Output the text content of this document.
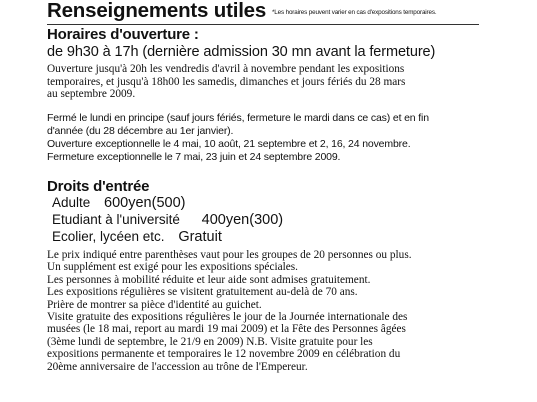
Renseignements utiles *Les horaires peuvent varier en cas d'expositions temporaires.
Horaires d'ouverture :
de 9h30 à 17h (dernière admission 30 mn avant la fermeture)
Ouverture jusqu'à 20h les vendredis d'avril à novembre pendant les expositions
temporaires, et jusqu'à 18h00 les samedis, dimanches et jours fériés du 28 mars
au septembre 2009.
Fermé le lundi en principe (sauf jours fériés, fermeture le mardi dans ce cas) et en fin
d'année (du 28 décembre au 1er janvier).
Ouverture exceptionnelle le 4 mai, 10 août, 21 septembre et 2, 16, 24 novembre.
Fermeture exceptionnelle le 7 mai, 23 juin et 24 septembre 2009.
Droits d'entrée
Adulte 600yen(500)
Etudiant à l'université 400yen(300)
Ecolier, lycéen etc. Gratuit
Le prix indiqué entre parenthèses vaut pour les groupes de 20 personnes ou plus.
Un supplément est exigé pour les expositions spéciales.
Les personnes à mobilité réduite et leur aide sont admises gratuitement.
Les expositions régulières se visitent gratuitement au-delà de 70 ans.
Prière de montrer sa pièce d'identité au guichet.
Visite gratuite des expositions régulières le jour de la Journée internationale des
musées (le 18 mai, report au mardi 19 mai 2009) et la Fête des Personnes âgées
(3ème lundi de septembre, le 21/9 en 2009) N.B. Visite gratuite pour les
expositions permanente et temporaires le 12 novembre 2009 en célébration du
20ème anniversaire de l'accession au trône de l'Empereur.
